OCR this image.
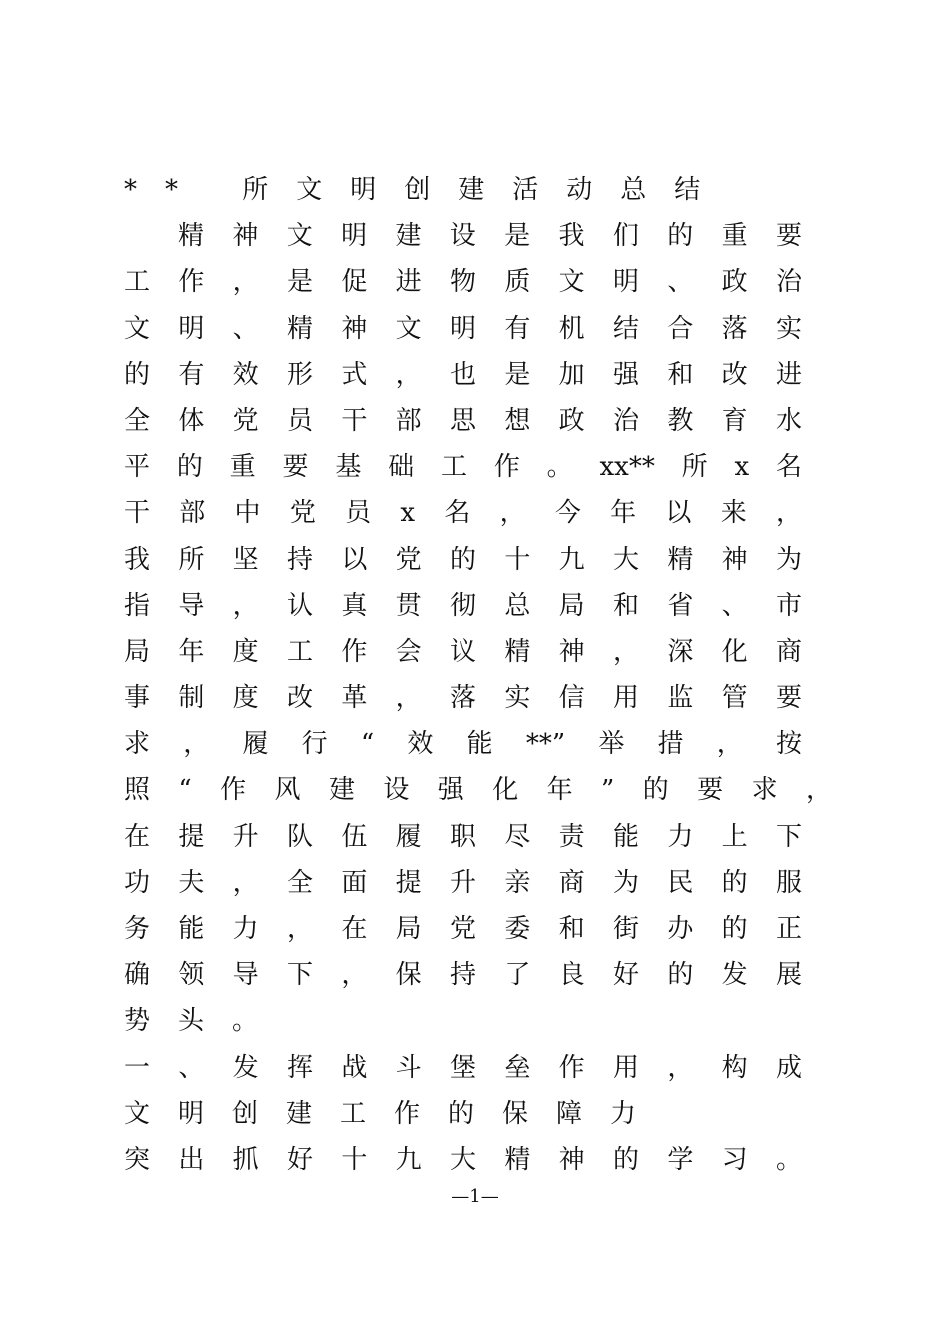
** 所文明创建活动总结
精神文明建设是我们的重要
工作，是促进物质文明、政治
文明、精神文明有机结合落实
的有效形式，也是加强和改进
全体党员干部思想政治教育水
平的重要基础工作。xx**所x名
干部中党员x名，今年以来，
我所坚持以党的十九大精神为
指导，认真贯彻总局和省、市
局年度工作会议精神，深化商
事制度改革，落实信用监管要
求，履行“效能**”举措，按
照“作风建设强化年”的要求，
在提升队伍履职尽责能力上下
功夫，全面提升亲商为民的服
务能力，在局党委和街办的正
确领导下，保持了良好的发展
势头。
一、发挥战斗堡垒作用，构成
文明创建工作的保障力
突出抓好十九大精神的学习。
—1—
